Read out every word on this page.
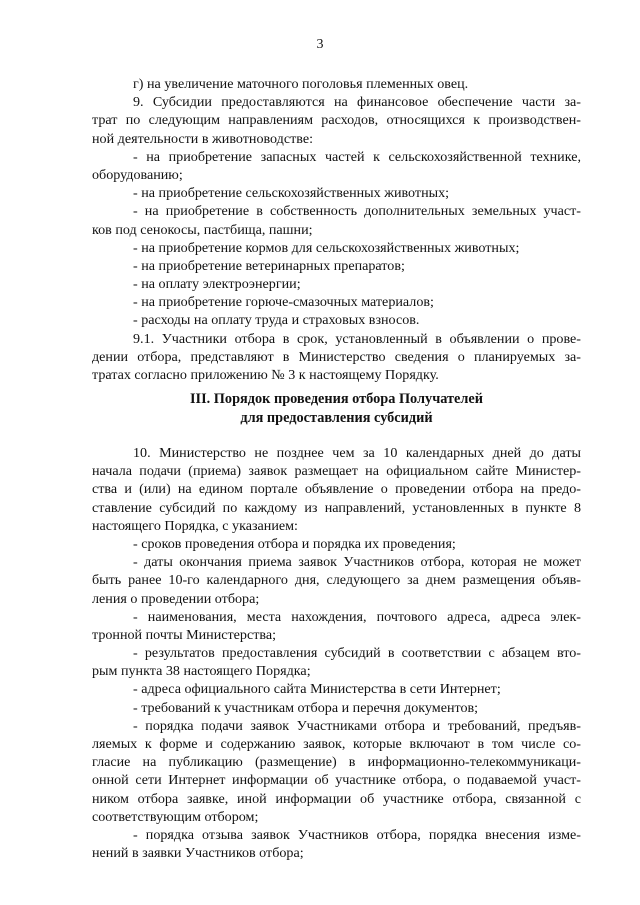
3
г) на увеличение маточного поголовья племенных овец.
9. Субсидии предоставляются на финансовое обеспечение части за-
трат по следующим направлениям расходов, относящихся к производствен-
ной деятельности в животноводстве:
- на приобретение запасных частей к сельскохозяйственной технике,
оборудованию;
- на приобретение сельскохозяйственных животных;
- на приобретение в собственность дополнительных земельных участ-
ков под сенокосы, пастбища, пашни;
- на приобретение кормов для сельскохозяйственных животных;
- на приобретение ветеринарных препаратов;
- на оплату электроэнергии;
- на приобретение горюче-смазочных материалов;
- расходы на оплату труда и страховых взносов.
9.1. Участники отбора в срок, установленный в объявлении о прове-
дении отбора, представляют в Министерство сведения о планируемых за-
тратах согласно приложению № 3 к настоящему Порядку.
III. Порядок проведения отбора Получателей
для предоставления субсидий
10. Министерство не позднее чем за 10 календарных дней до даты
начала подачи (приема) заявок размещает на официальном сайте Министер-
ства и (или) на едином портале объявление о проведении отбора на предо-
ставление субсидий по каждому из направлений, установленных в пункте 8
настоящего Порядка, с указанием:
- сроков проведения отбора и порядка их проведения;
- даты окончания приема заявок Участников отбора, которая не может
быть ранее 10-го календарного дня, следующего за днем размещения объяв-
ления о проведении отбора;
- наименования, места нахождения, почтового адреса, адреса элек-
тронной почты Министерства;
- результатов предоставления субсидий в соответствии с абзацем вто-
рым пункта 38 настоящего Порядка;
- адреса официального сайта Министерства в сети Интернет;
- требований к участникам отбора и перечня документов;
- порядка подачи заявок Участниками отбора и требований, предъяв-
ляемых к форме и содержанию заявок, которые включают в том числе со-
гласие на публикацию (размещение) в информационно-телекоммуникаци-
онной сети Интернет информации об участнике отбора, о подаваемой участ-
ником отбора заявке, иной информации об участнике отбора, связанной с
соответствующим отбором;
- порядка отзыва заявок Участников отбора, порядка внесения изме-
нений в заявки Участников отбора;
